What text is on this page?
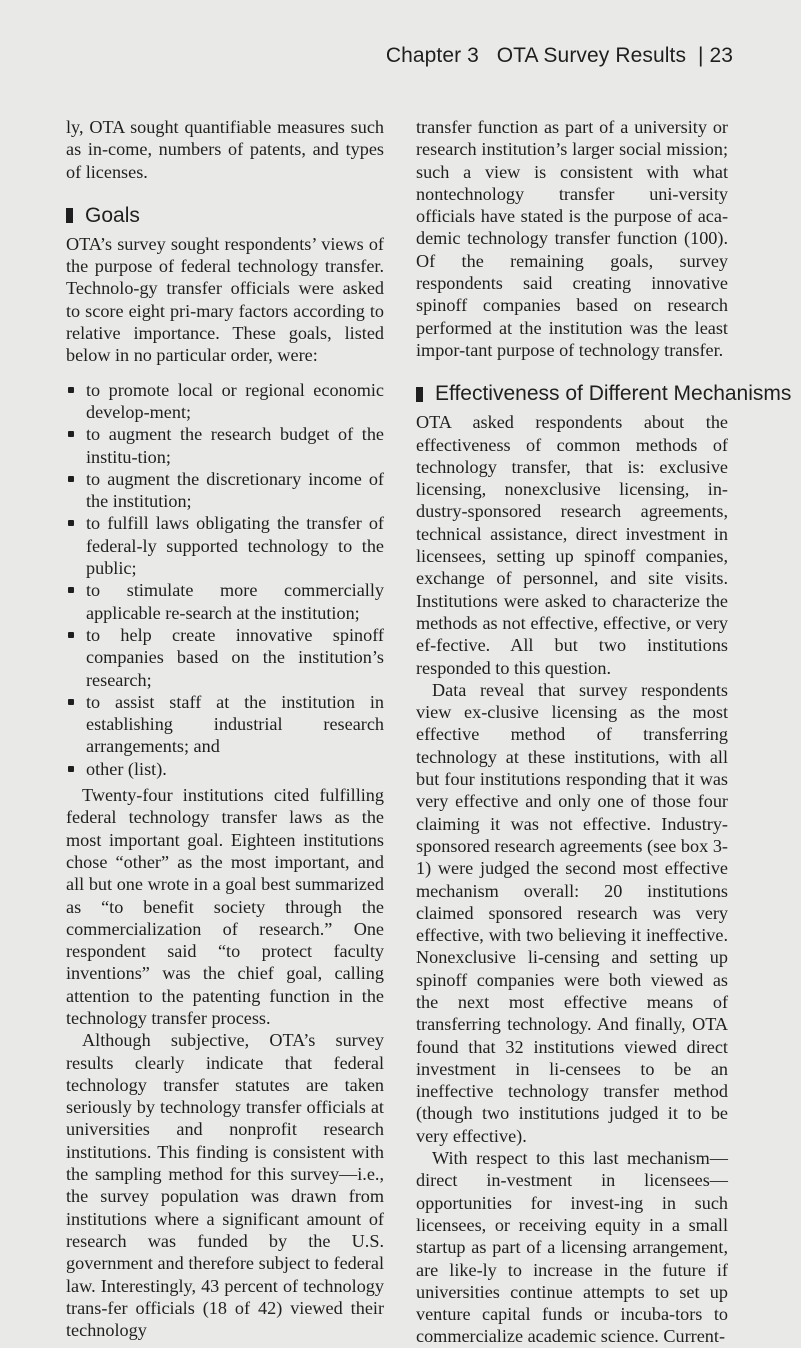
Chapter 3 OTA Survey Results | 23

ly, OTA sought quantifiable measures such as in-come, numbers of patents, and types of licenses.

Goals

OTA’s survey sought respondents’ views of the purpose of federal technology transfer. Technolo-gy transfer officials were asked to score eight pri-mary factors according to relative importance. These goals, listed below in no particular order, were:

to promote local or regional economic develop-ment;
to augment the research budget of the institu-tion;
to augment the discretionary income of the institution;
to fulfill laws obligating the transfer of federal-ly supported technology to the public;
to stimulate more commercially applicable re-search at the institution;
to help create innovative spinoff companies based on the institution’s research;
to assist staff at the institution in establishing industrial research arrangements; and
other (list).

Twenty-four institutions cited fulfilling federal technology transfer laws as the most important goal. Eighteen institutions chose “other” as the most important, and all but one wrote in a goal best summarized as “to benefit society through the commercialization of research.” One respondent said “to protect faculty inventions” was the chief goal, calling attention to the patenting function in the technology transfer process.

Although subjective, OTA’s survey results clearly indicate that federal technology transfer statutes are taken seriously by technology transfer officials at universities and nonprofit research institutions. This finding is consistent with the sampling method for this survey—i.e., the survey population was drawn from institutions where a significant amount of research was funded by the U.S. government and therefore subject to federal law. Interestingly, 43 percent of technology trans-fer officials (18 of 42) viewed their technology

transfer function as part of a university or research institution’s larger social mission; such a view is consistent with what nontechnology transfer uni-versity officials have stated is the purpose of aca-demic technology transfer function (100). Of the remaining goals, survey respondents said creating innovative spinoff companies based on research performed at the institution was the least impor-tant purpose of technology transfer.

Effectiveness of Different Mechanisms

OTA asked respondents about the effectiveness of common methods of technology transfer, that is: exclusive licensing, nonexclusive licensing, in-dustry-sponsored research agreements, technical assistance, direct investment in licensees, setting up spinoff companies, exchange of personnel, and site visits. Institutions were asked to characterize the methods as not effective, effective, or very ef-fective. All but two institutions responded to this question.

Data reveal that survey respondents view ex-clusive licensing as the most effective method of transferring technology at these institutions, with all but four institutions responding that it was very effective and only one of those four claiming it was not effective. Industry-sponsored research agreements (see box 3-1) were judged the second most effective mechanism overall: 20 institutions claimed sponsored research was very effective, with two believing it ineffective. Nonexclusive li-censing and setting up spinoff companies were both viewed as the next most effective means of transferring technology. And finally, OTA found that 32 institutions viewed direct investment in li-censees to be an ineffective technology transfer method (though two institutions judged it to be very effective).

With respect to this last mechanism—direct in-vestment in licensees—opportunities for invest-ing in such licensees, or receiving equity in a small startup as part of a licensing arrangement, are like-ly to increase in the future if universities continue attempts to set up venture capital funds or incuba-tors to commercialize academic science. Current-
